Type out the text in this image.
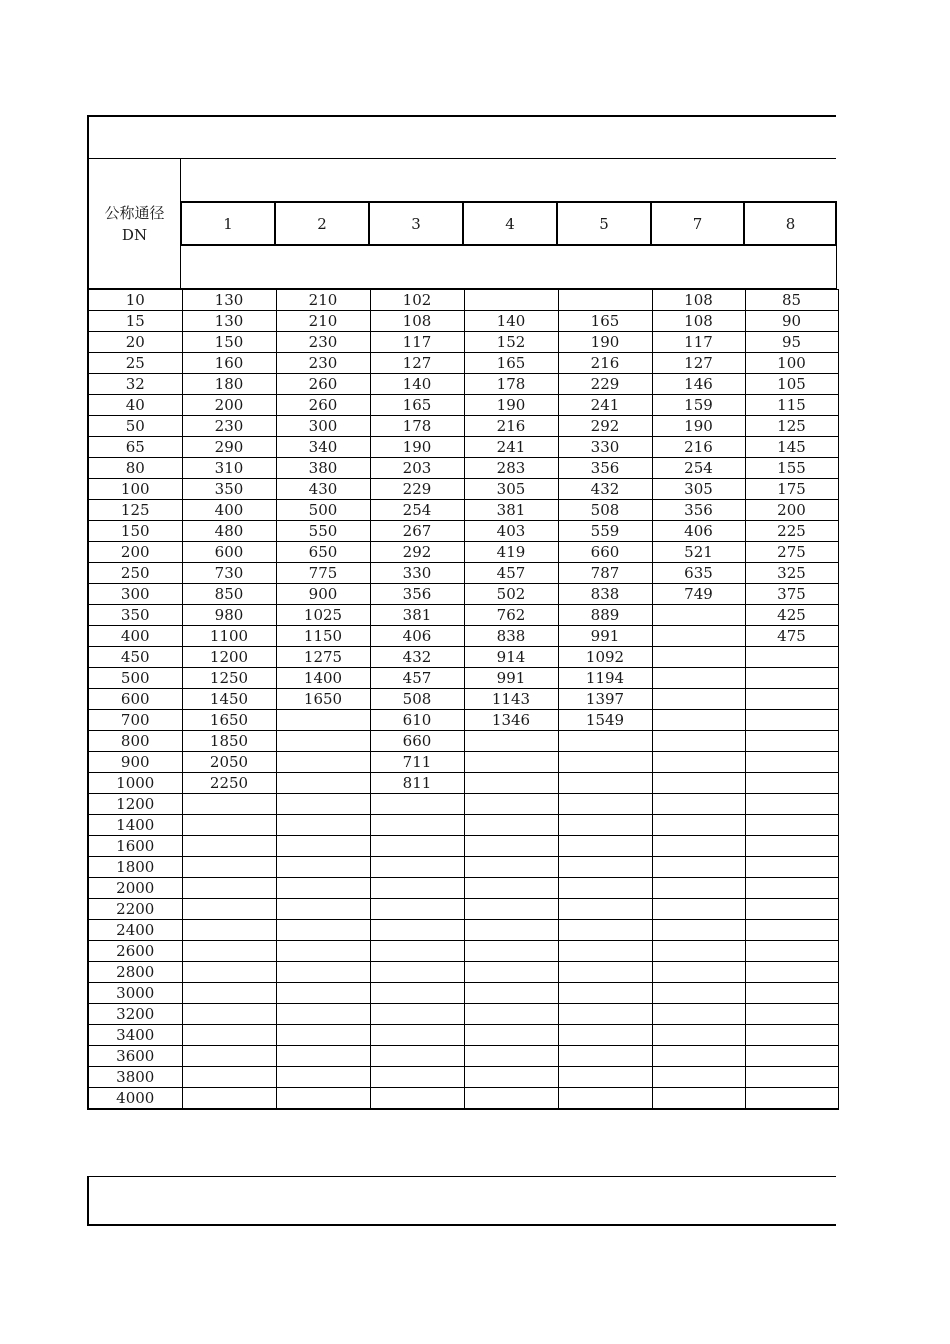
公称通径
DN
1	2	3	4	5	7	8
10	130	210	102			108	85
15	130	210	108	140	165	108	90
20	150	230	117	152	190	117	95
25	160	230	127	165	216	127	100
32	180	260	140	178	229	146	105
40	200	260	165	190	241	159	115
50	230	300	178	216	292	190	125
65	290	340	190	241	330	216	145
80	310	380	203	283	356	254	155
100	350	430	229	305	432	305	175
125	400	500	254	381	508	356	200
150	480	550	267	403	559	406	225
200	600	650	292	419	660	521	275
250	730	775	330	457	787	635	325
300	850	900	356	502	838	749	375
350	980	1025	381	762	889		425
400	1100	1150	406	838	991		475
450	1200	1275	432	914	1092		
500	1250	1400	457	991	1194		
600	1450	1650	508	1143	1397		
700	1650		610	1346	1549		
800	1850		660				
900	2050		711				
1000	2250		811				
1200							
1400							
1600							
1800							
2000							
2200							
2400							
2600							
2800							
3000							
3200							
3400							
3600							
3800							
4000							
